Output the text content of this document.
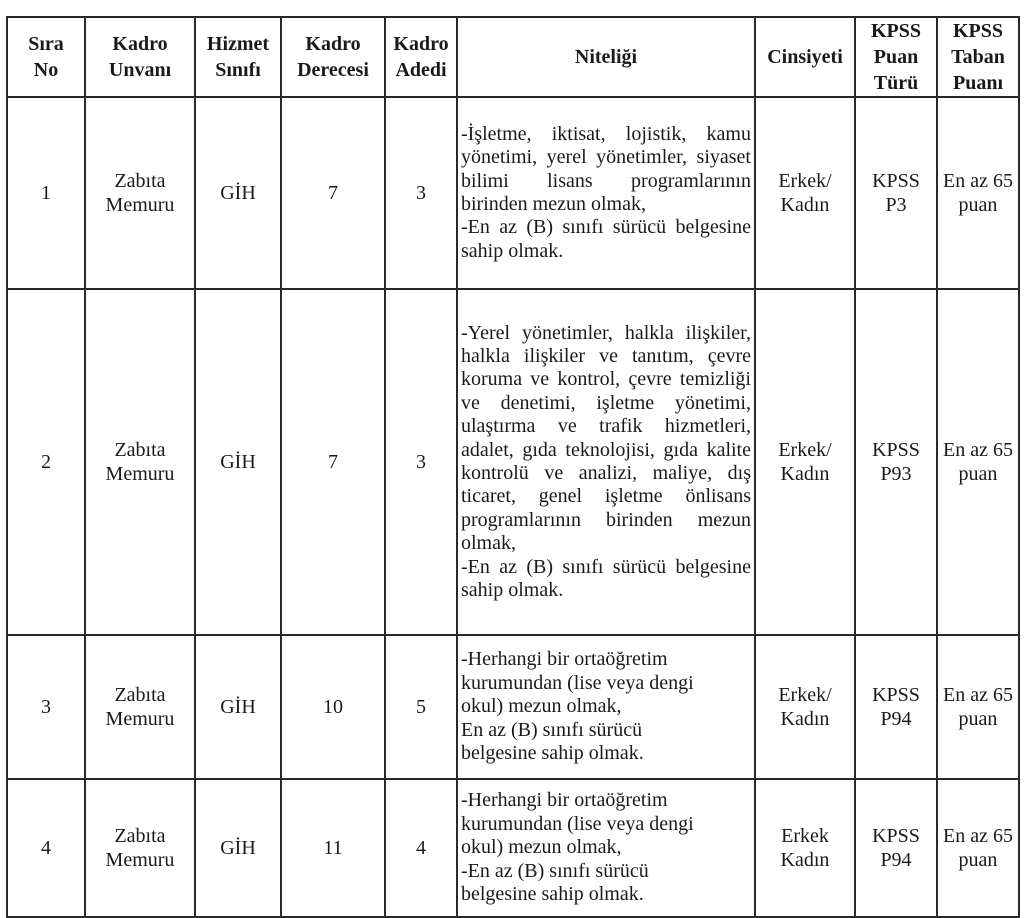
Sıra
No	Kadro
Unvanı	Hizmet
Sınıfı	Kadro
Derecesi	Kadro
Adedi	Niteliği	Cinsiyeti	KPSS
Puan
Türü	KPSS
Taban
Puanı

1	Zabıta
Memuru	GİH	7	3	-İşletme, iktisat, lojistik, kamu yönetimi, yerel yönetimler, siyaset bilimi lisans programlarının birinden mezun olmak,
-En az (B) sınıfı sürücü belgesine sahip olmak.	Erkek/
Kadın	KPSS
P3	En az 65
puan

2	Zabıta
Memuru	GİH	7	3	-Yerel yönetimler, halkla ilişkiler, halkla ilişkiler ve tanıtım, çevre koruma ve kontrol, çevre temizliği ve denetimi, işletme yönetimi, ulaştırma ve trafik hizmetleri, adalet, gıda teknolojisi, gıda kalite kontrolü ve analizi, maliye, dış ticaret, genel işletme önlisans programlarının birinden mezun olmak,
-En az (B) sınıfı sürücü belgesine sahip olmak.	Erkek/
Kadın	KPSS
P93	En az 65
puan

3	Zabıta
Memuru	GİH	10	5	-Herhangi bir ortaöğretim
kurumundan (lise veya dengi
okul) mezun olmak,
En az (B) sınıfı sürücü
belgesine sahip olmak.	Erkek/
Kadın	KPSS
P94	En az 65
puan

4	Zabıta
Memuru	GİH	11	4	-Herhangi bir ortaöğretim
kurumundan (lise veya dengi
okul) mezun olmak,
-En az (B) sınıfı sürücü
belgesine sahip olmak.	Erkek
Kadın	KPSS
P94	En az 65
puan
